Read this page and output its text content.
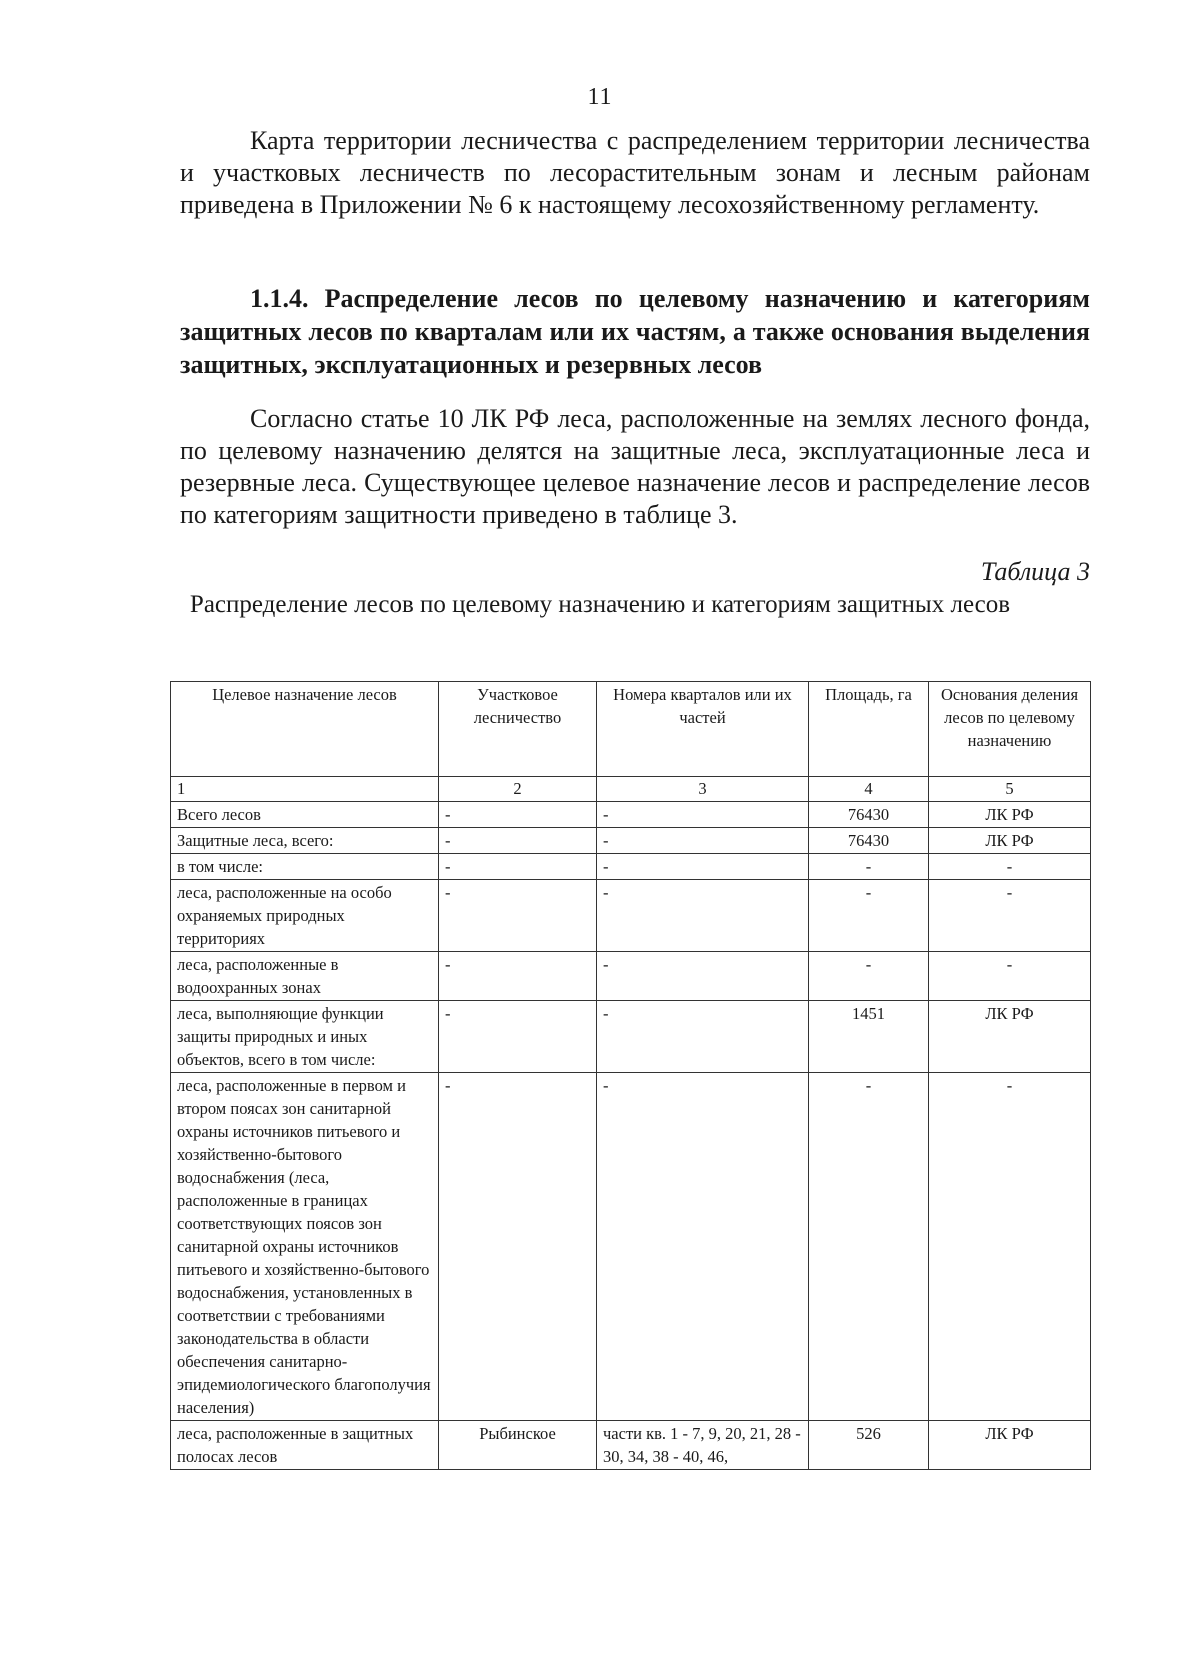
11

Карта территории лесничества с распределением территории лесничества и участковых лесничеств по лесорастительным зонам и лесным районам приведена в Приложении № 6 к настоящему лесохозяйственному регламенту.

1.1.4. Распределение лесов по целевому назначению и категориям защитных лесов по кварталам или их частям, а также основания выделения защитных, эксплуатационных и резервных лесов

Согласно статье 10 ЛК РФ леса, расположенные на землях лесного фонда, по целевому назначению делятся на защитные леса, эксплуатационные леса и резервные леса. Существующее целевое назначение лесов и распределение лесов по категориям защитности приведено в таблице 3.

Таблица 3

Распределение лесов по целевому назначению и категориям защитных лесов

Целевое назначение лесов	Участковое лесничество	Номера кварталов или их частей	Площадь, га	Основания деления лесов по целевому назначению
1	2	3	4	5
Всего лесов	-	-	76430	ЛК РФ
Защитные леса, всего:	-	-	76430	ЛК РФ
в том числе:	-	-	-	-
леса, расположенные на особо охраняемых природных территориях	-	-	-	-
леса, расположенные в водоохранных зонах	-	-	-	-
леса, выполняющие функции защиты природных и иных объектов, всего в том числе:	-	-	1451	ЛК РФ
леса, расположенные в первом и втором поясах зон санитарной охраны источников питьевого и хозяйственно-бытового водоснабжения (леса, расположенные в границах соответствующих поясов зон санитарной охраны источников питьевого и хозяйственно-бытового водоснабжения, установленных в соответствии с требованиями законодательства в области обеспечения санитарно-эпидемиологического благополучия населения)	-	-	-	-
леса, расположенные в защитных полосах лесов	Рыбинское	части кв. 1 - 7, 9, 20, 21, 28 - 30, 34, 38 - 40, 46,	526	ЛК РФ
